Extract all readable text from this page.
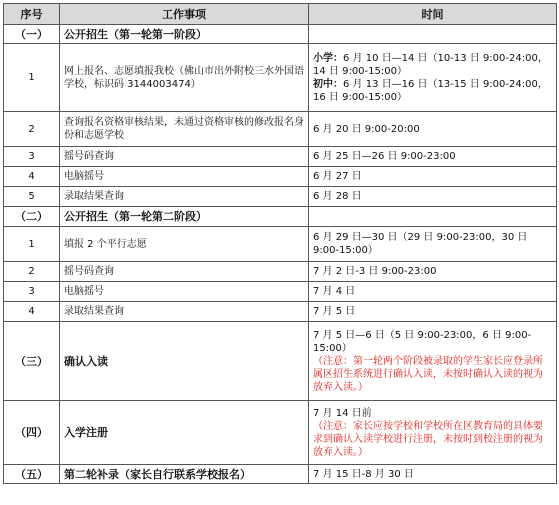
序号	工作事项	时间
（一）	公开招生（第一轮第一阶段）	
1	网上报名、志愿填报我校（佛山市出外附校三水外国语学校，标识码 3144003474）	小学：6 月 10 日—14 日（10-13 日 9:00-24:00，14 日 9:00-15:00）
初中：6 月 13 日—16 日（13-15 日 9:00-24:00，16 日 9:00-15:00）

2	查询报名资格审核结果，未通过资格审核的修改报名身份和志愿学校	6 月 20 日 9:00-20:00
3	摇号码查询	6 月 25 日—26 日 9:00-23:00
4	电脑摇号	6 月 27 日
5	录取结果查询	6 月 28 日
（二）	公开招生（第一轮第二阶段）	
1	填报 2 个平行志愿	6 月 29 日—30 日（29 日 9:00-23:00，30 日 9:00-15:00）
2	摇号码查询	7 月 2 日-3 日 9:00-23:00
3	电脑摇号	7 月 4 日
4	录取结果查询	7 月 5 日
（三）	确认入读	7 月 5 日—6 日（5 日 9:00-23:00，6 日 9:00-15:00）
（注意：第一轮两个阶段被录取的学生家长应登录所属区招生系统进行确认入读，未按时确认入读的视为放弃入读。）

（四）	入学注册	7 月 14 日前
（注意：家长应按学校和学校所在区教育局的具体要求到确认入读学校进行注册，未按时到校注册的视为放弃入读。）

（五）	第二轮补录（家长自行联系学校报名）	7 月 15 日-8 月 30 日
